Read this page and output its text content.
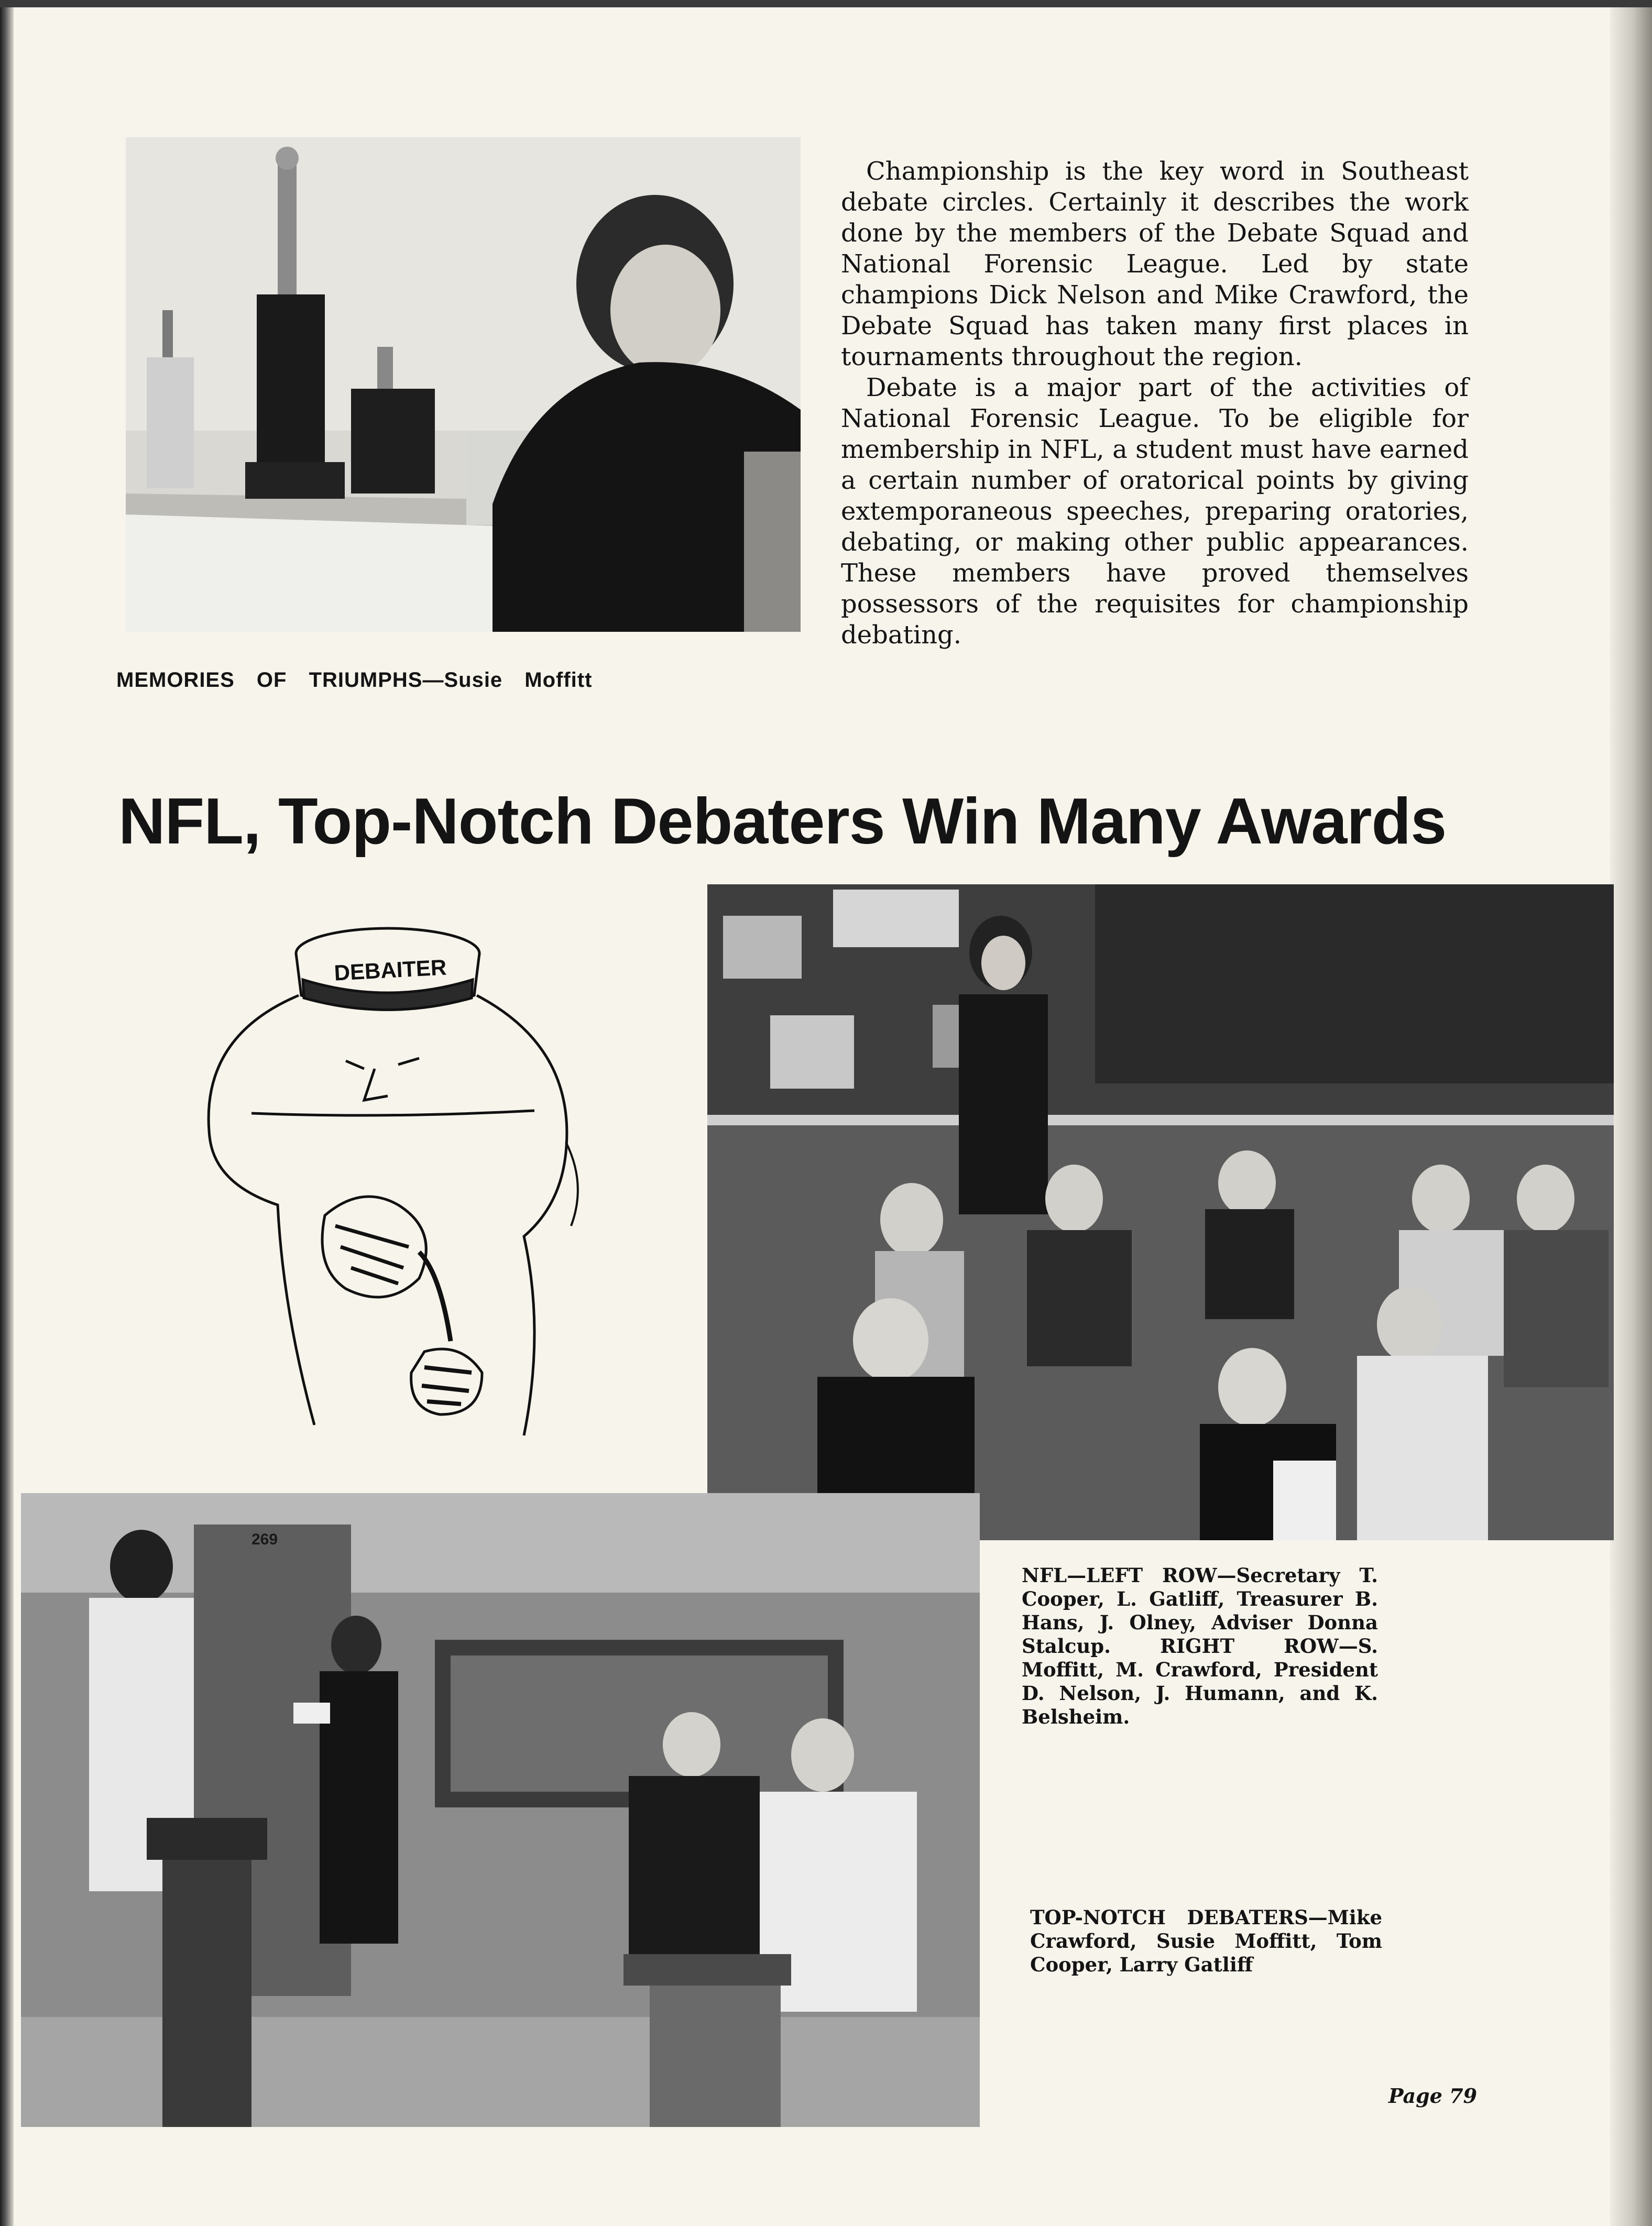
MEMORIES OF TRIUMPHS—Susie Moffitt

Championship is the key word in Southeast debate circles. Certainly it describes the work done by the members of the Debate Squad and National Forensic League. Led by state champions Dick Nelson and Mike Crawford, the Debate Squad has taken many first places in tournaments throughout the region.

Debate is a major part of the activities of National Forensic League. To be eligible for membership in NFL, a student must have earned a certain number of oratorical points by giving extemporaneous speeches, preparing oratories, debating, or making other public appearances. These members have proved themselves possessors of the requisites for championship debating.

NFL, Top-Notch Debaters Win Many Awards
DEBAITER

NFL—LEFT ROW—Secretary T. Cooper, L. Gatliff, Treasurer B. Hans, J. Olney, Adviser Donna Stalcup. RIGHT ROW—S. Moffitt, M. Crawford, President D. Nelson, J. Humann, and K. Belsheim.

269

TOP-NOTCH DEBATERS—Mike Crawford, Susie Moffitt, Tom Cooper, Larry Gatliff

Page 79
